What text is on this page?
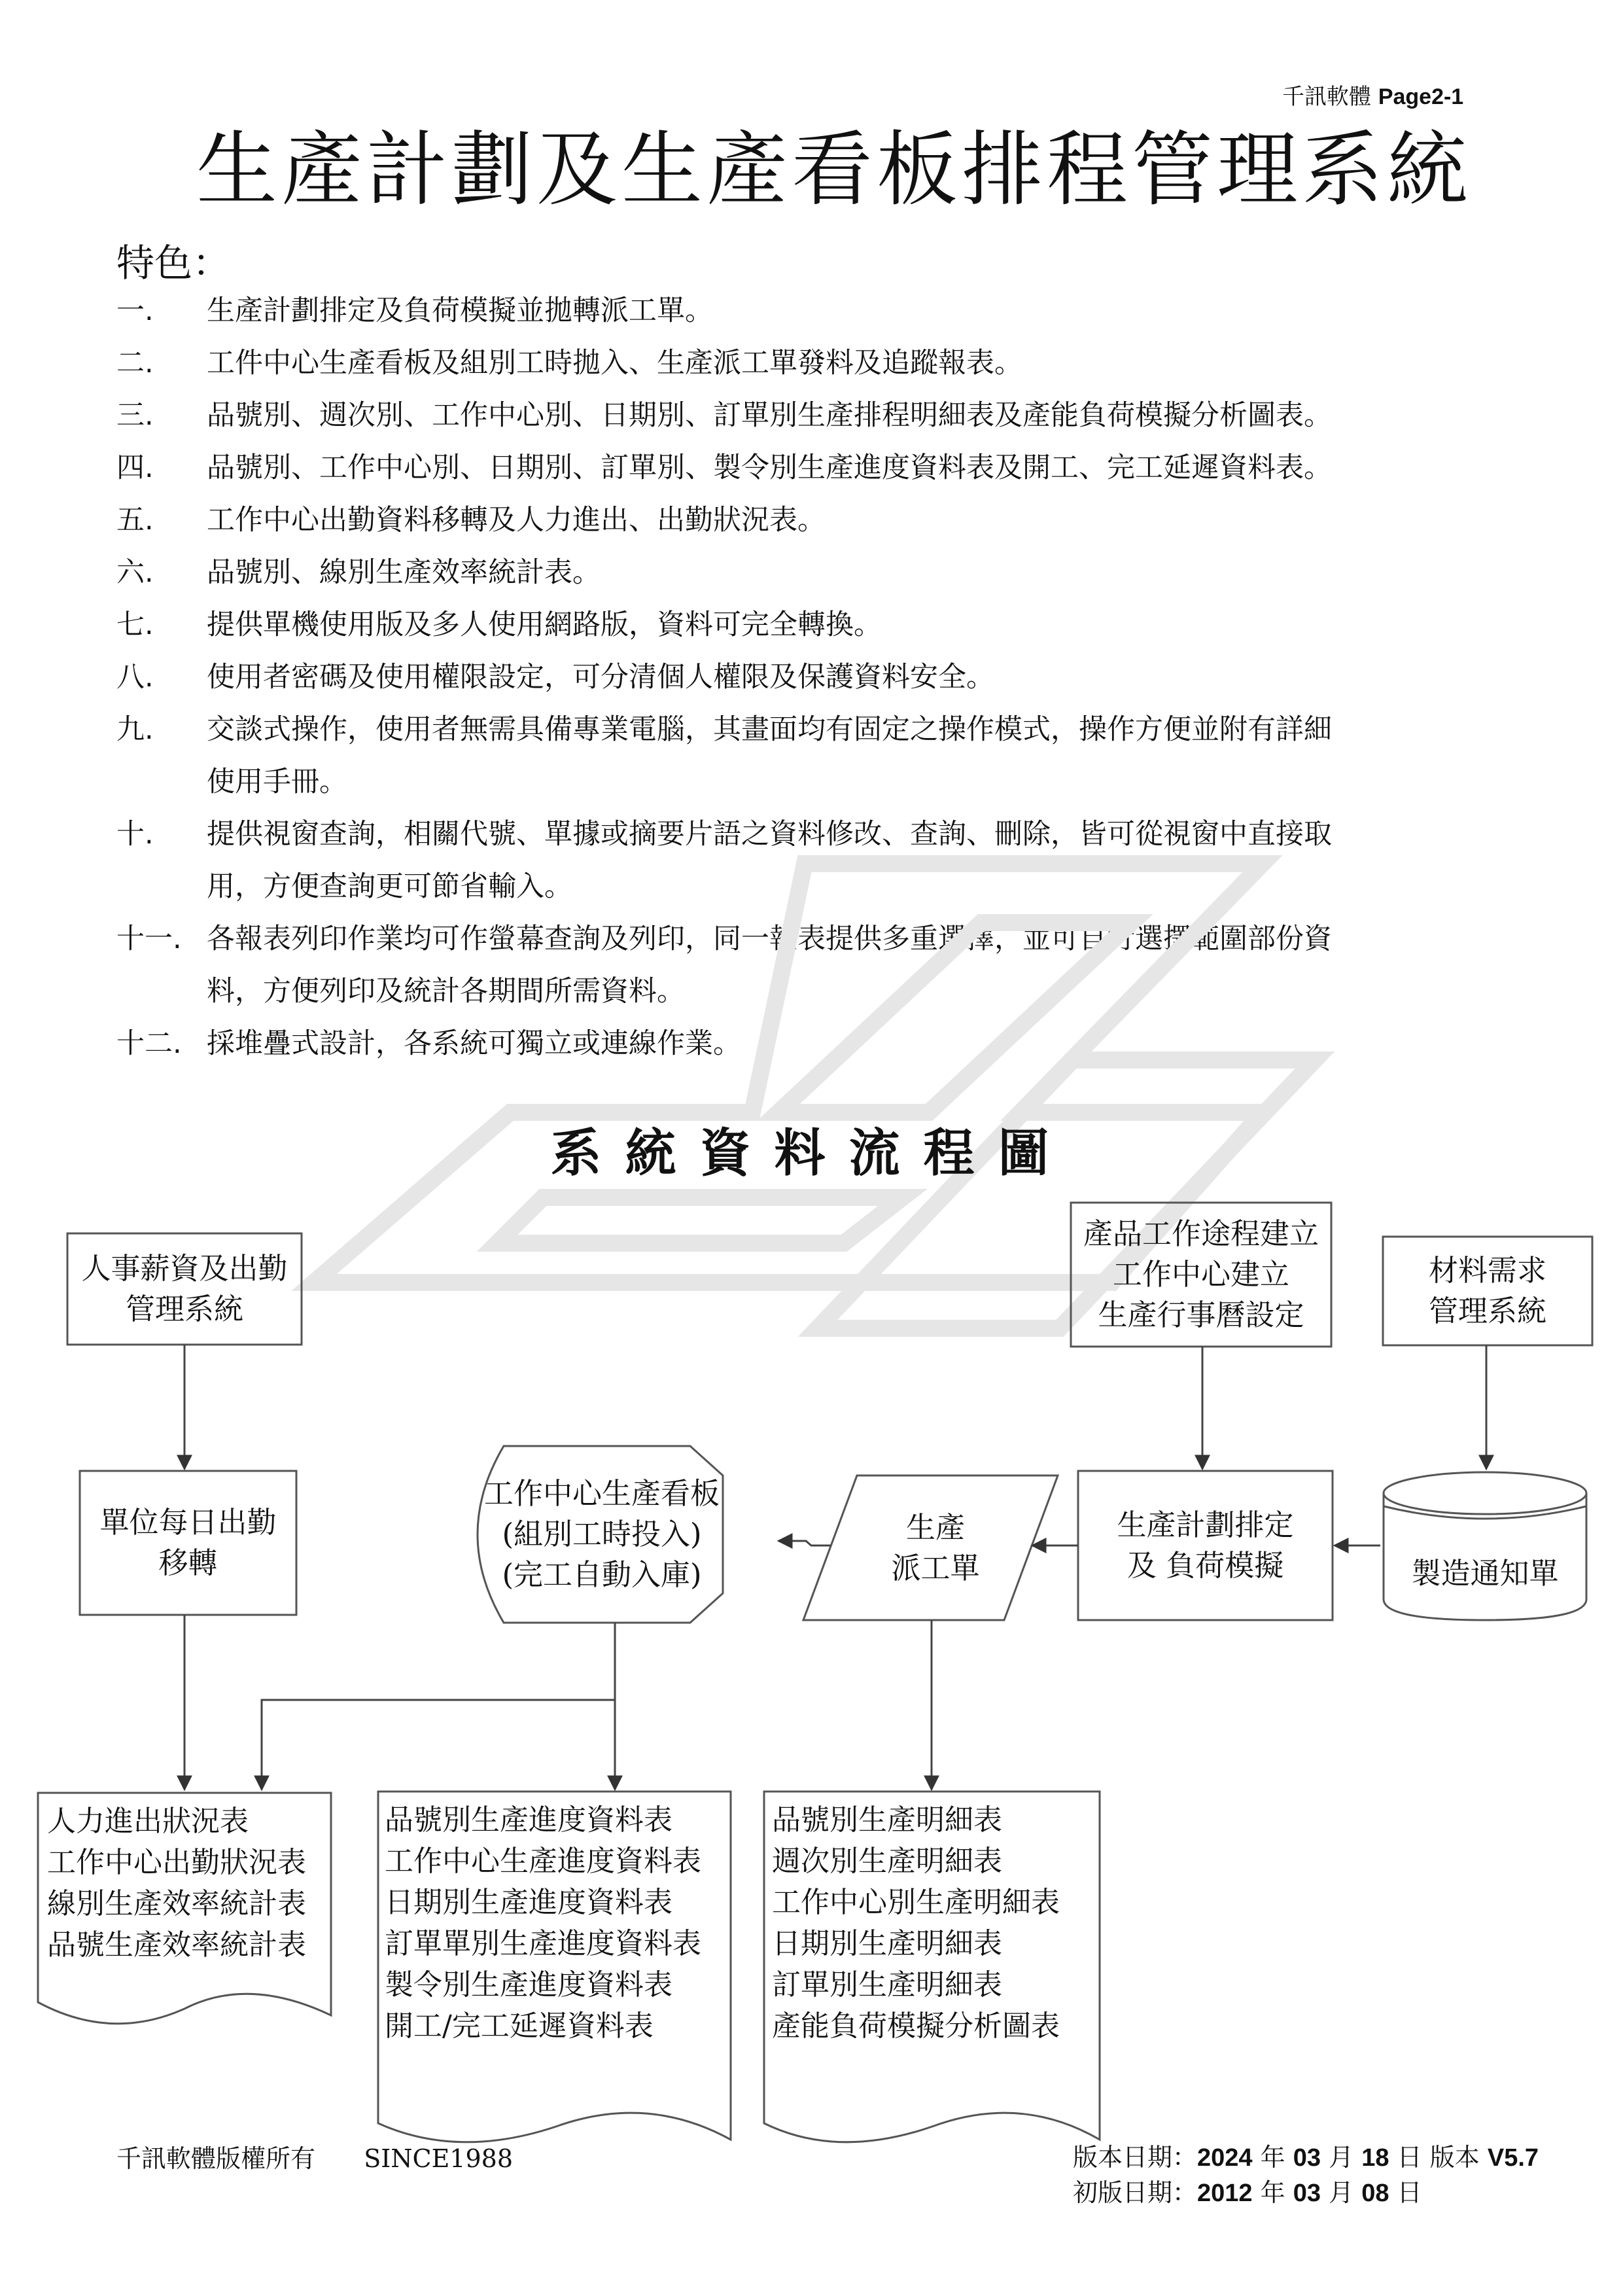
千訊軟體 Page2-1
生產計劃及生產看板排程管理系統
特色：
一.	生產計劃排定及負荷模擬並拋轉派工單。
二.	工件中心生產看板及組別工時拋入、生產派工單發料及追蹤報表。
三.	品號別、週次別、工作中心別、日期別、訂單別生產排程明細表及產能負荷模擬分析圖表。
四.	品號別、工作中心別、日期別、訂單別、製令別生產進度資料表及開工、完工延遲資料表。
五.	工作中心出勤資料移轉及人力進出、出勤狀況表。
六.	品號別、線別生產效率統計表。
七.	提供單機使用版及多人使用網路版，資料可完全轉換。
八.	使用者密碼及使用權限設定，可分清個人權限及保護資料安全。
九.	交談式操作，使用者無需具備專業電腦，其畫面均有固定之操作模式，操作方便並附有詳細
使用手冊。
十.	提供視窗查詢，相關代號、單據或摘要片語之資料修改、查詢、刪除，皆可從視窗中直接取
用，方便查詢更可節省輸入。
十一. 各報表列印作業均可作螢幕查詢及列印，同一報表提供多重選擇，並可自行選擇範圍部份資
料，方便列印及統計各期間所需資料。
十二. 採堆疊式設計，各系統可獨立或連線作業。
系統資料流程圖
人事薪資及出勤
管理系統
產品工作途程建立
工作中心建立
生產行事曆設定
材料需求
管理系統
單位每日出勤
移轉
工作中心生產看板
(組別工時投入)
(完工自動入庫)
生產
派工單
生產計劃排定
及 負荷模擬	製造通知單
人力進出狀況表
工作中心出勤狀況表
線別生產效率統計表
品號生產效率統計表
品號別生產進度資料表
工作中心生產進度資料表
日期別生產進度資料表
訂單單別生產進度資料表
製令別生產進度資料表
開工/完工延遲資料表
品號別生產明細表
週次別生產明細表
工作中心別生產明細表
日期別生產明細表
訂單別生產明細表
產能負荷模擬分析圖表
千訊軟體版權所有 SINCE1988	版本日期：2024 年 03 月 18 日 版本 V5.7
初版日期：2012 年 03 月 08 日
